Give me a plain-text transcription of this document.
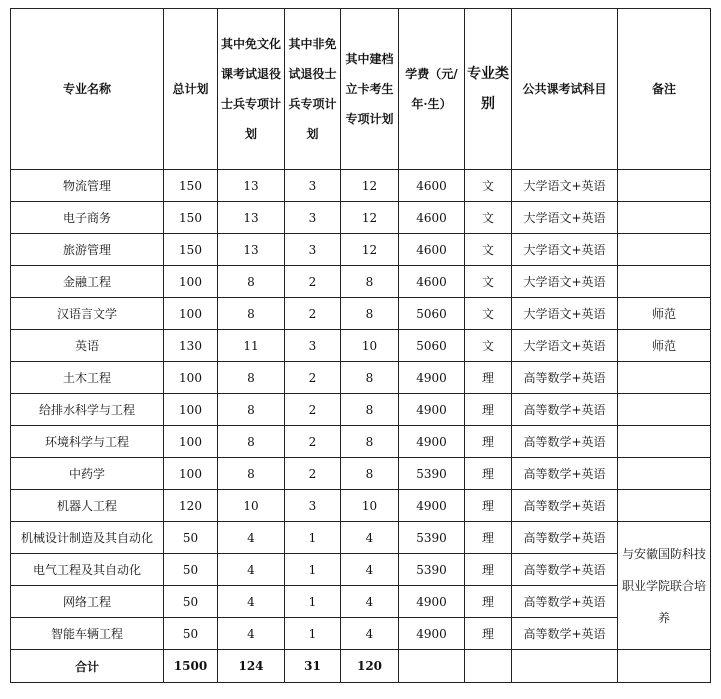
专业名称	总计划	其中免文化课考试退役士兵专项计划	其中非免试退役士兵专项计划	其中建档立卡考生专项计划	学费（元/年·生）	专业类别	公共课考试科目	备注
物流管理	150	13	3	12	4600	文	大学语文+英语	
电子商务	150	13	3	12	4600	文	大学语文+英语	
旅游管理	150	13	3	12	4600	文	大学语文+英语	
金融工程	100	8	2	8	4600	文	大学语文+英语	
汉语言文学	100	8	2	8	5060	文	大学语文+英语	师范
英语	130	11	3	10	5060	文	大学语文+英语	师范
土木工程	100	8	2	8	4900	理	高等数学+英语	
给排水科学与工程	100	8	2	8	4900	理	高等数学+英语	
环境科学与工程	100	8	2	8	4900	理	高等数学+英语	
中药学	100	8	2	8	5390	理	高等数学+英语	
机器人工程	120	10	3	10	4900	理	高等数学+英语	
机械设计制造及其自动化	50	4	1	4	5390	理	高等数学+英语	与安徽国防科技职业学院联合培养
电气工程及其自动化	50	4	1	4	5390	理	高等数学+英语	
网络工程	50	4	1	4	4900	理	高等数学+英语	
智能车辆工程	50	4	1	4	4900	理	高等数学+英语	
合计	1500	124	31	120				
